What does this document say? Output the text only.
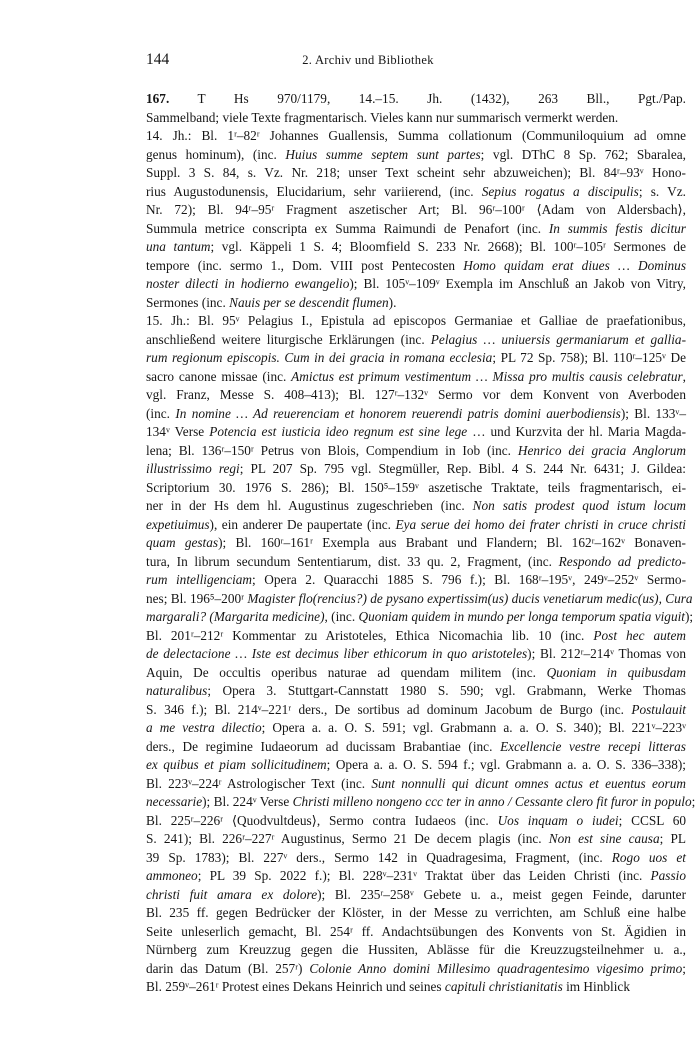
144	2. Archiv und Bibliothek
167. T Hs 970/1179, 14.–15. Jh. (1432), 263 Bll., Pgt./Pap.
Sammelband; viele Texte fragmentarisch. Vieles kann nur summarisch vermerkt werden.
14. Jh.: Bl. 1ʳ–82ʳ Johannes Guallensis, Summa collationum (Communiloquium ad omne
genus hominum), (inc. Huius summe septem sunt partes; vgl. DThC 8 Sp. 762; Sbaralea,
Suppl. 3 S. 84, s. Vz. Nr. 218; unser Text scheint sehr abzuweichen); Bl. 84ʳ–93ᵛ Hono-
rius Augustodunensis, Elucidarium, sehr variierend, (inc. Sepius rogatus a discipulis; s. Vz.
Nr. 72); Bl. 94ʳ–95ʳ Fragment aszetischer Art; Bl. 96ʳ–100ʳ ⟨Adam von Aldersbach⟩,
Summula metrice conscripta ex Summa Raimundi de Penafort (inc. In summis festis dicitur
una tantum; vgl. Käppeli 1 S. 4; Bloomfield S. 233 Nr. 2668); Bl. 100ʳ–105ʳ Sermones de
tempore (inc. sermo 1., Dom. VIII post Pentecosten Homo quidam erat diues … Dominus
noster dilecti in hodierno ewangelio); Bl. 105ᵛ–109ᵛ Exempla im Anschluß an Jakob von Vitry,
Sermones (inc. Nauis per se descendit flumen).
15. Jh.: Bl. 95ᵛ Pelagius I., Epistula ad episcopos Germaniae et Galliae de praefationibus,
anschließend weitere liturgische Erklärungen (inc. Pelagius … uniuersis germaniarum et gallia-
rum regionum episcopis. Cum in dei gracia in romana ecclesia; PL 72 Sp. 758); Bl. 110ʳ–125ᵛ De
sacro canone missae (inc. Amictus est primum vestimentum … Missa pro multis causis celebratur,
vgl. Franz, Messe S. 408–413); Bl. 127ʳ–132ᵛ Sermo vor dem Konvent von Averboden
(inc. In nomine … Ad reuerenciam et honorem reuerendi patris domini auerbodiensis); Bl. 133ᵛ–
134ᵛ Verse Potencia est iusticia ideo regnum est sine lege … und Kurzvita der hl. Maria Magda-
lena; Bl. 136ʳ–150ʳ Petrus von Blois, Compendium in Iob (inc. Henrico dei gracia Anglorum
illustrissimo regi; PL 207 Sp. 795 vgl. Stegmüller, Rep. Bibl. 4 S. 244 Nr. 6431; J. Gildea:
Scriptorium 30. 1976 S. 286); Bl. 150⁵–159ᵛ aszetische Traktate, teils fragmentarisch, ei-
ner in der Hs dem hl. Augustinus zugeschrieben (inc. Non satis prodest quod istum locum
expetiuimus), ein anderer De paupertate (inc. Eya serue dei homo dei frater christi in cruce christi
quam gestas); Bl. 160ʳ–161ʳ Exempla aus Brabant und Flandern; Bl. 162ʳ–162ᵛ Bonaven-
tura, In librum secundum Sententiarum, dist. 33 qu. 2, Fragment, (inc. Respondo ad predicto-
rum intelligenciam; Opera 2. Quaracchi 1885 S. 796 f.); Bl. 168ʳ–195ᵛ, 249ᵛ–252ᵛ Sermo-
nes; Bl. 196⁵–200ʳ Magister flo(rencius?) de pysano expertissim(us) ducis venetiarum medic(us), Cura
margarali? (Margarita medicine), (inc. Quoniam quidem in mundo per longa temporum spatia viguit);
Bl. 201ʳ–212ʳ Kommentar zu Aristoteles, Ethica Nicomachia lib. 10 (inc. Post hec autem
de delectacione … Iste est decimus liber ethicorum in quo aristoteles); Bl. 212ʳ–214ᵛ Thomas von
Aquin, De occultis operibus naturae ad quendam militem (inc. Quoniam in quibusdam
naturalibus; Opera 3. Stuttgart-Cannstatt 1980 S. 590; vgl. Grabmann, Werke Thomas
S. 346 f.); Bl. 214ᵛ–221ʳ ders., De sortibus ad dominum Jacobum de Burgo (inc. Postulauit
a me vestra dilectio; Opera a. a. O. S. 591; vgl. Grabmann a. a. O. S. 340); Bl. 221ᵛ–223ᵛ
ders., De regimine Iudaeorum ad ducissam Brabantiae (inc. Excellencie vestre recepi litteras
ex quibus et piam sollicitudinem; Opera a. a. O. S. 594 f.; vgl. Grabmann a. a. O. S. 336–338);
Bl. 223ᵛ–224ʳ Astrologischer Text (inc. Sunt nonnulli qui dicunt omnes actus et euentus eorum
necessarie); Bl. 224ᵛ Verse Christi milleno nongeno ccc ter in anno / Cessante clero fit furor in populo;
Bl. 225ʳ–226ʳ ⟨Quodvultdeus⟩, Sermo contra Iudaeos (inc. Uos inquam o iudei; CCSL 60
S. 241); Bl. 226ʳ–227ʳ Augustinus, Sermo 21 De decem plagis (inc. Non est sine causa; PL
39 Sp. 1783); Bl. 227ᵛ ders., Sermo 142 in Quadragesima, Fragment, (inc. Rogo uos et
ammoneo; PL 39 Sp. 2022 f.); Bl. 228ᵛ–231ᵛ Traktat über das Leiden Christi (inc. Passio
christi fuit amara ex dolore); Bl. 235ʳ–258ᵛ Gebete u. a., meist gegen Feinde, darunter
Bl. 235 ff. gegen Bedrücker der Klöster, in der Messe zu verrichten, am Schluß eine halbe
Seite unleserlich gemacht, Bl. 254ʳ ff. Andachtsübungen des Konvents von St. Ägidien in
Nürnberg zum Kreuzzug gegen die Hussiten, Ablässe für die Kreuzzugsteilnehmer u. a.,
darin das Datum (Bl. 257ʳ) Colonie Anno domini Millesimo quadragentesimo vigesimo primo;
Bl. 259ᵛ–261ʳ Protest eines Dekans Heinrich und seines capituli christianitatis im Hinblick
